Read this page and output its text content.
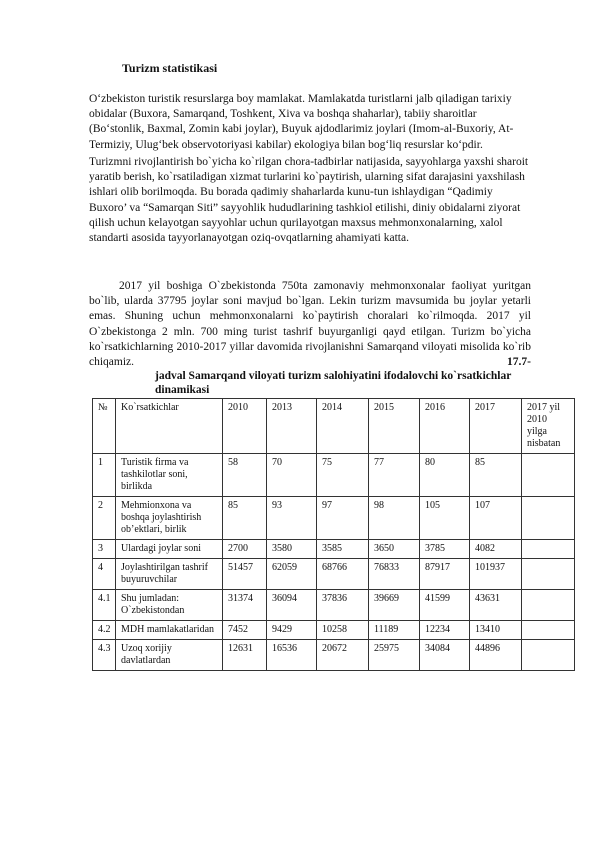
Turizm statistikasi
O‘zbekiston turistik resurslarga boy mamlakat. Mamlakatda turistlarni jalb qiladigan tarixiy obidalar (Buxora, Samarqand, Toshkent, Xiva va boshqa shaharlar), tabiiy sharoitlar (Bo‘stonlik, Baxmal, Zomin kabi joylar), Buyuk ajdodlarimiz joylari (Imom-al-Buxoriy, At-Termiziy, Ulug‘bek observotoriyasi kabilar) ekologiya bilan bog‘liq resurslar ko‘pdir.
Turizmni rivojlantirish bo`yicha ko`rilgan chora-tadbirlar natijasida, sayyohlarga yaxshi sharoit yaratib berish, ko`rsatiladigan xizmat turlarini ko`paytirish, ularning sifat darajasini yaxshilash ishlari olib borilmoqda. Bu borada qadimiy shaharlarda kunu-tun ishlaydigan “Qadimiy Buxoro’ va “Samarqan Siti” sayyohlik hududlarining tashkiol etilishi, diniy obidalarni ziyorat qilish uchun kelayotgan sayyohlar uchun qurilayotgan maxsus mehmonxonalarning, xalol standarti asosida tayyorlanayotgan oziq-ovqatlarning ahamiyati katta.
2017 yil boshiga O`zbekistonda 750ta zamonaviy mehmonxonalar faoliyat yuritgan bo`lib, ularda 37795 joylar soni mavjud bo`lgan. Lekin turizm mavsumida bu joylar yetarli emas. Shuning uchun mehmonxonalarni ko`paytirish choralari ko`rilmoqda. 2017 yil O`zbekistonga 2 mln. 700 ming turist tashrif buyurganligi qayd etilgan. Turizm bo`yicha ko`rsatkichlarning 2010-2017 yillar davomida rivojlanishni Samarqand viloyati misolida ko`rib chiqamiz.	17.7-
jadval Samarqand viloyati turizm salohiyatini ifodalovchi ko`rsatkichlar dinamikasi
№	Ko`rsatkichlar	2010	2013	2014	2015	2016	2017	2017 yil 2010 yilga nisbatan
1	Turistik firma va tashkilotlar soni, birlikda	58	70	75	77	80	85	
2	Mehmionxona va boshqa joylashtirish ob’ektlari, birlik	85	93	97	98	105	107	
3	Ulardagi joylar soni	2700	3580	3585	3650	3785	4082	
4	Joylashtirilgan tashrif buyuruvchilar	51457	62059	68766	76833	87917	101937	
4.1	Shu jumladan: O`zbekistondan	31374	36094	37836	39669	41599	43631	
4.2	MDH mamlakatlaridan	7452	9429	10258	11189	12234	13410	
4.3	Uzoq xorijiy davlatlardan	12631	16536	20672	25975	34084	44896	
